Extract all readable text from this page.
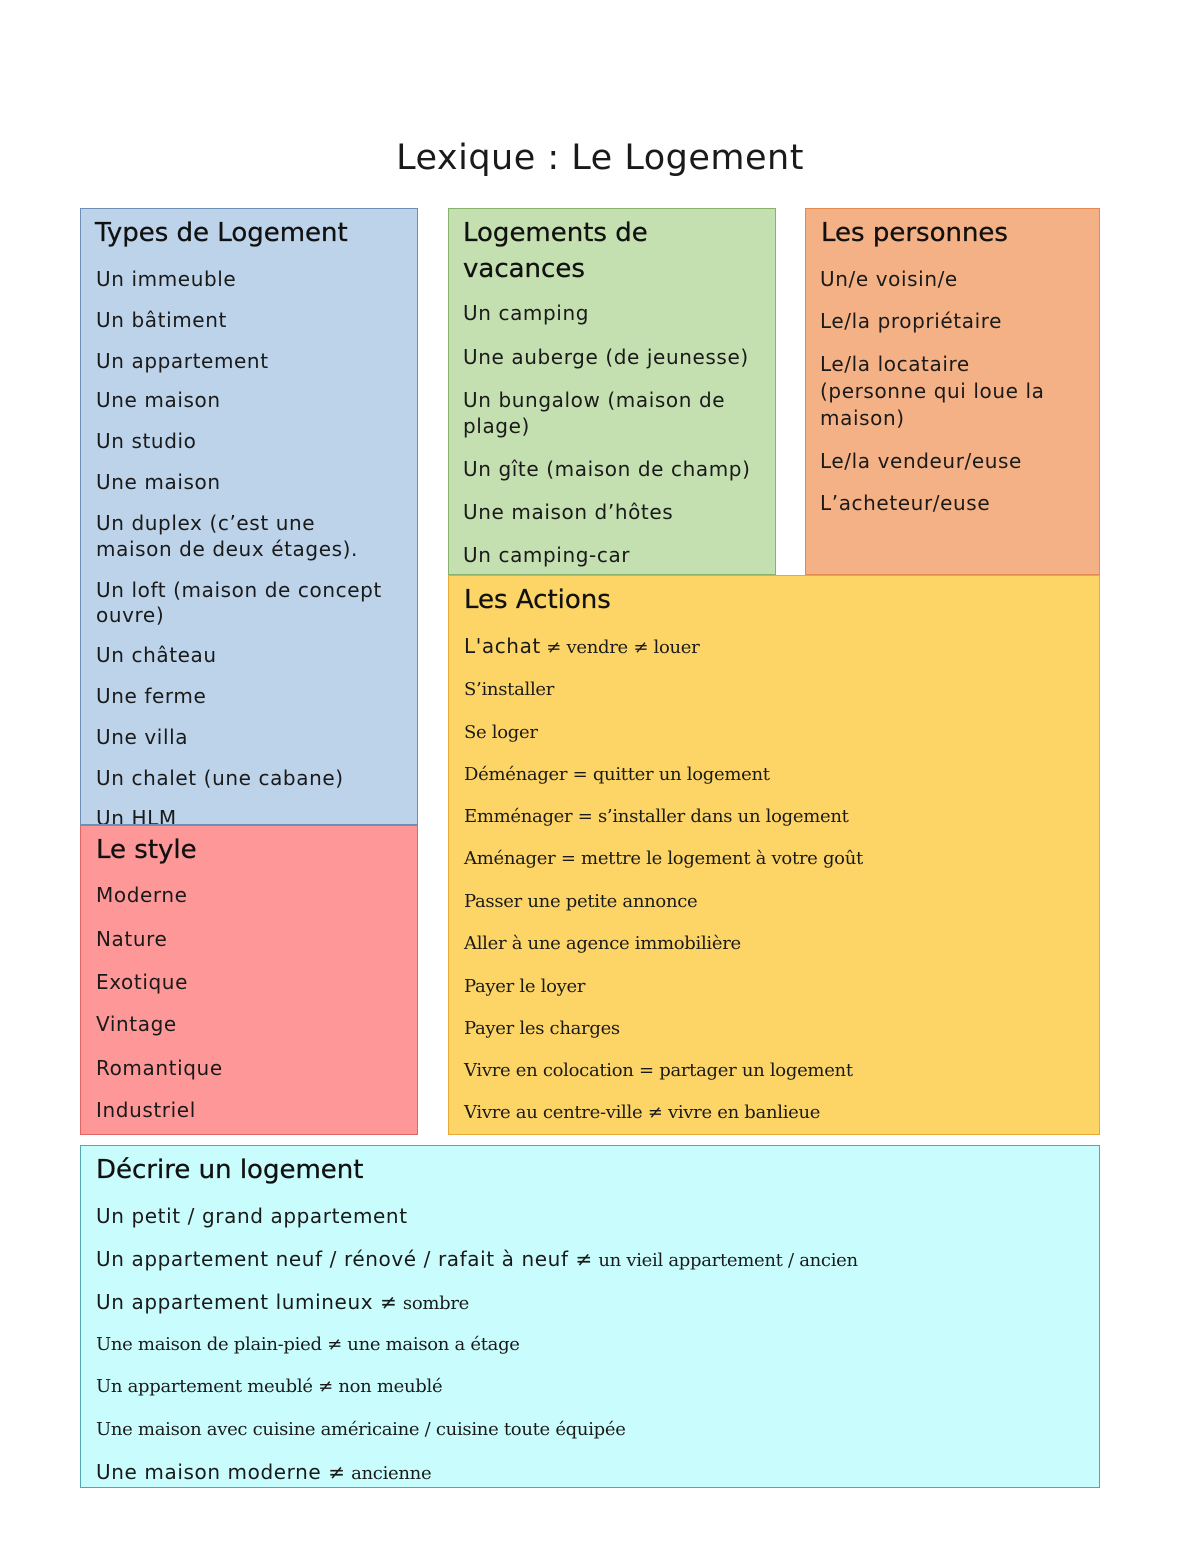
Lexique : Le Logement
Types de Logement
Un immeuble
Un bâtiment
Un appartement
Une maison
Un studio
Une maison
Un duplex (c’est une
maison de deux étages).
Un loft (maison de concept
ouvre)
Un château
Une ferme
Une villa
Un chalet (une cabane)
Un HLM
Logements de
vacances
Un camping
Une auberge (de jeunesse)
Un bungalow (maison de
plage)
Un gîte (maison de champ)
Une maison d’hôtes
Un camping-car
Les personnes
Un/e voisin/e
Le/la propriétaire
Le/la locataire
(personne qui loue la
maison)
Le/la vendeur/euse
L’acheteur/euse
Le style
Moderne
Nature
Exotique
Vintage
Romantique
Industriel
Les Actions
L'achat ≠ vendre ≠ louer
S’installer
Se loger
Déménager = quitter un logement
Emménager = s’installer dans un logement
Aménager = mettre le logement à votre goût
Passer une petite annonce
Aller à une agence immobilière
Payer le loyer
Payer les charges
Vivre en colocation = partager un logement
Vivre au centre-ville ≠ vivre en banlieue
Décrire un logement
Un petit / grand appartement
Un appartement neuf / rénové / rafait à neuf ≠ un vieil appartement / ancien
Un appartement lumineux ≠ sombre
Une maison de plain-pied ≠ une maison a étage
Un appartement meublé ≠ non meublé
Une maison avec cuisine américaine / cuisine toute équipée
Une maison moderne ≠ ancienne
